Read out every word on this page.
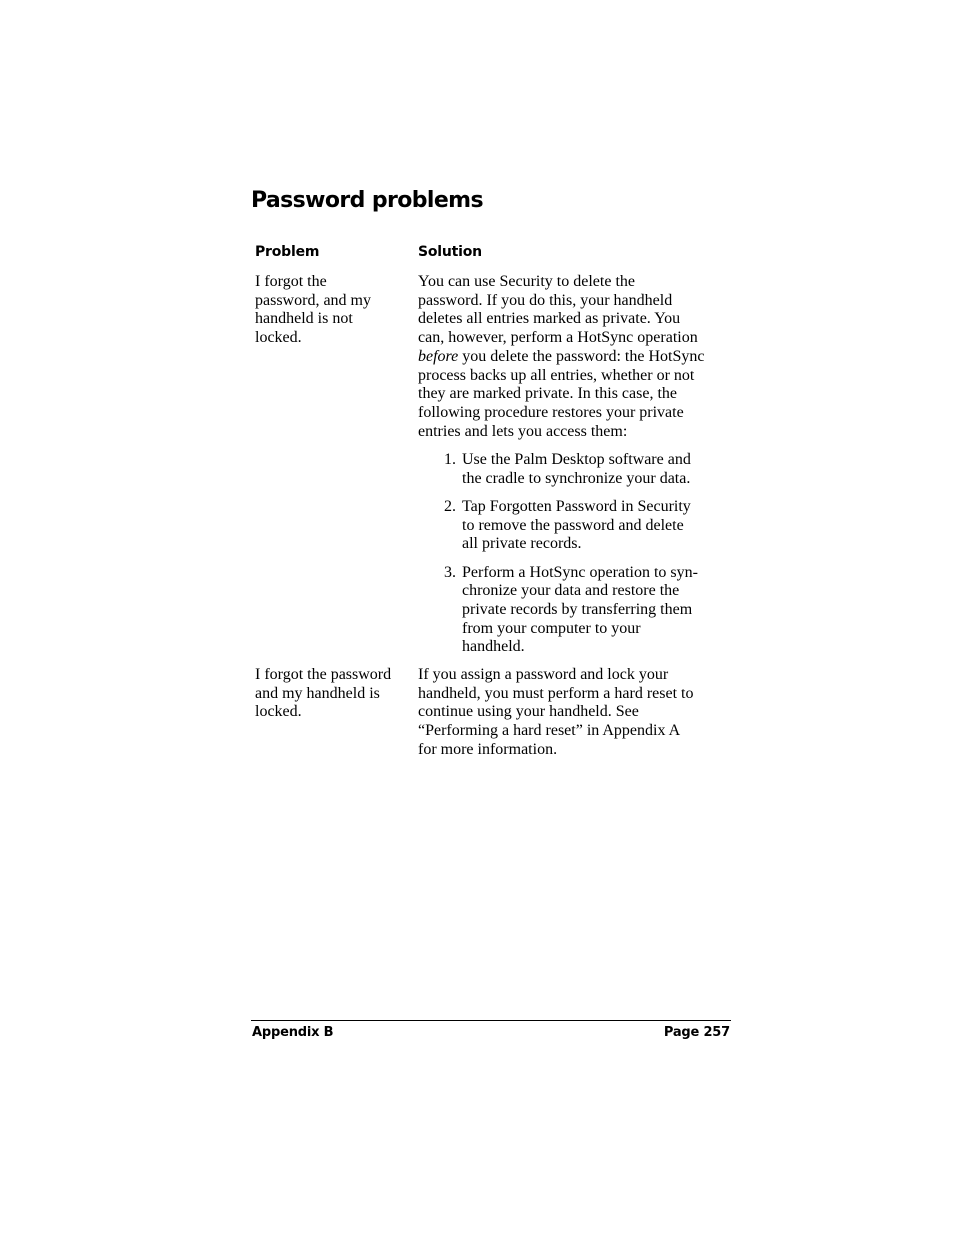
Password problems
Problem	Solution
I forgot the
password, and my
handheld is not
locked.
You can use Security to delete the
password. If you do this, your handheld
deletes all entries marked as private. You
can, however, perform a HotSync operation
before you delete the password: the HotSync
process backs up all entries, whether or not
they are marked private. In this case, the
following procedure restores your private
entries and lets you access them:
1. Use the Palm Desktop software and
the cradle to synchronize your data.
2. Tap Forgotten Password in Security
to remove the password and delete
all private records.
3. Perform a HotSync operation to syn-
chronize your data and restore the
private records by transferring them
from your computer to your
handheld.
I forgot the password
and my handheld is
locked.
If you assign a password and lock your
handheld, you must perform a hard reset to
continue using your handheld. See
“Performing a hard reset” in Appendix A
for more information.
Appendix B	Page 257
